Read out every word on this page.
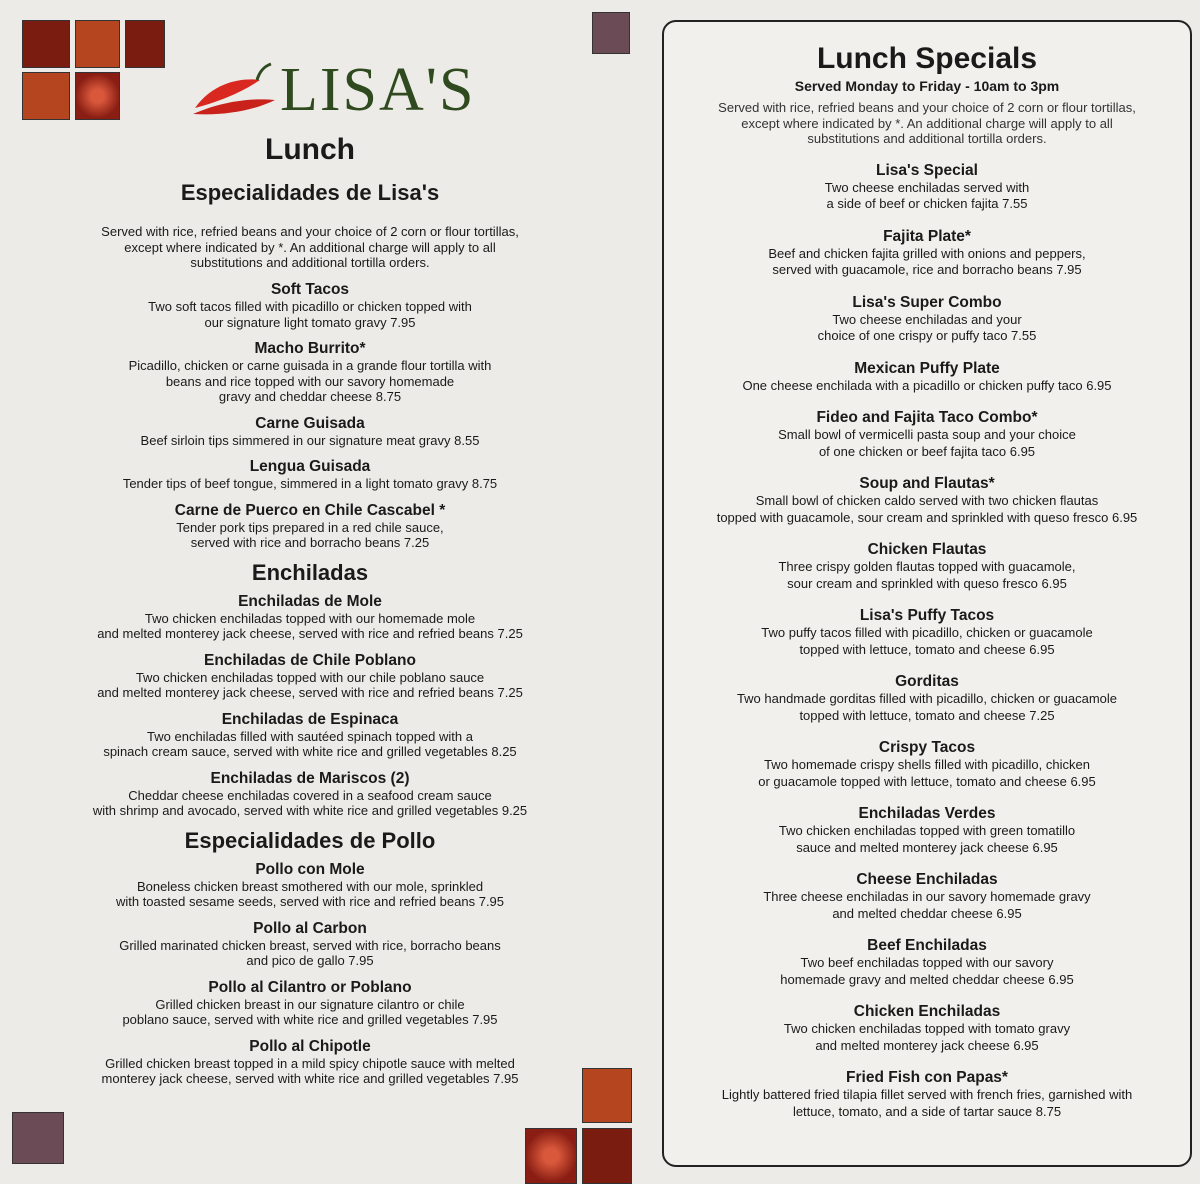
LISA'S
Lunch
Especialidades de Lisa's
Served with rice, refried beans and your choice of 2 corn or flour tortillas,
except where indicated by *. An additional charge will apply to all
substitutions and additional tortilla orders.
Soft Tacos
Two soft tacos filled with picadillo or chicken topped with
our signature light tomato gravy 7.95
Macho Burrito*
Picadillo, chicken or carne guisada in a grande flour tortilla with
beans and rice topped with our savory homemade
gravy and cheddar cheese 8.75
Carne Guisada
Beef sirloin tips simmered in our signature meat gravy 8.55
Lengua Guisada
Tender tips of beef tongue, simmered in a light tomato gravy 8.75
Carne de Puerco en Chile Cascabel *
Tender pork tips prepared in a red chile sauce,
served with rice and borracho beans 7.25
Enchiladas
Enchiladas de Mole
Two chicken enchiladas topped with our homemade mole
and melted monterey jack cheese, served with rice and refried beans 7.25
Enchiladas de Chile Poblano
Two chicken enchiladas topped with our chile poblano sauce
and melted monterey jack cheese, served with rice and refried beans 7.25
Enchiladas de Espinaca
Two enchiladas filled with sautéed spinach topped with a
spinach cream sauce, served with white rice and grilled vegetables 8.25
Enchiladas de Mariscos (2)
Cheddar cheese enchiladas covered in a seafood cream sauce
with shrimp and avocado, served with white rice and grilled vegetables 9.25
Especialidades de Pollo
Pollo con Mole
Boneless chicken breast smothered with our mole, sprinkled
with toasted sesame seeds, served with rice and refried beans 7.95
Pollo al Carbon
Grilled marinated chicken breast, served with rice, borracho beans
and pico de gallo 7.95
Pollo al Cilantro or Poblano
Grilled chicken breast in our signature cilantro or chile
poblano sauce, served with white rice and grilled vegetables 7.95
Pollo al Chipotle
Grilled chicken breast topped in a mild spicy chipotle sauce with melted
monterey jack cheese, served with white rice and grilled vegetables 7.95
Lunch Specials
Served Monday to Friday - 10am to 3pm
Served with rice, refried beans and your choice of 2 corn or flour tortillas,
except where indicated by *. An additional charge will apply to all
substitutions and additional tortilla orders.
Lisa's Special
Two cheese enchiladas served with
a side of beef or chicken fajita 7.55
Fajita Plate*
Beef and chicken fajita grilled with onions and peppers,
served with guacamole, rice and borracho beans 7.95
Lisa's Super Combo
Two cheese enchiladas and your
choice of one crispy or puffy taco 7.55
Mexican Puffy Plate
One cheese enchilada with a picadillo or chicken puffy taco 6.95
Fideo and Fajita Taco Combo*
Small bowl of vermicelli pasta soup and your choice
of one chicken or beef fajita taco 6.95
Soup and Flautas*
Small bowl of chicken caldo served with two chicken flautas
topped with guacamole, sour cream and sprinkled with queso fresco 6.95
Chicken Flautas
Three crispy golden flautas topped with guacamole,
sour cream and sprinkled with queso fresco 6.95
Lisa's Puffy Tacos
Two puffy tacos filled with picadillo, chicken or guacamole
topped with lettuce, tomato and cheese 6.95
Gorditas
Two handmade gorditas filled with picadillo, chicken or guacamole
topped with lettuce, tomato and cheese 7.25
Crispy Tacos
Two homemade crispy shells filled with picadillo, chicken
or guacamole topped with lettuce, tomato and cheese 6.95
Enchiladas Verdes
Two chicken enchiladas topped with green tomatillo
sauce and melted monterey jack cheese 6.95
Cheese Enchiladas
Three cheese enchiladas in our savory homemade gravy
and melted cheddar cheese 6.95
Beef Enchiladas
Two beef enchiladas topped with our savory
homemade gravy and melted cheddar cheese 6.95
Chicken Enchiladas
Two chicken enchiladas topped with tomato gravy
and melted monterey jack cheese 6.95
Fried Fish con Papas*
Lightly battered fried tilapia fillet served with french fries, garnished with
lettuce, tomato, and a side of tartar sauce 8.75
